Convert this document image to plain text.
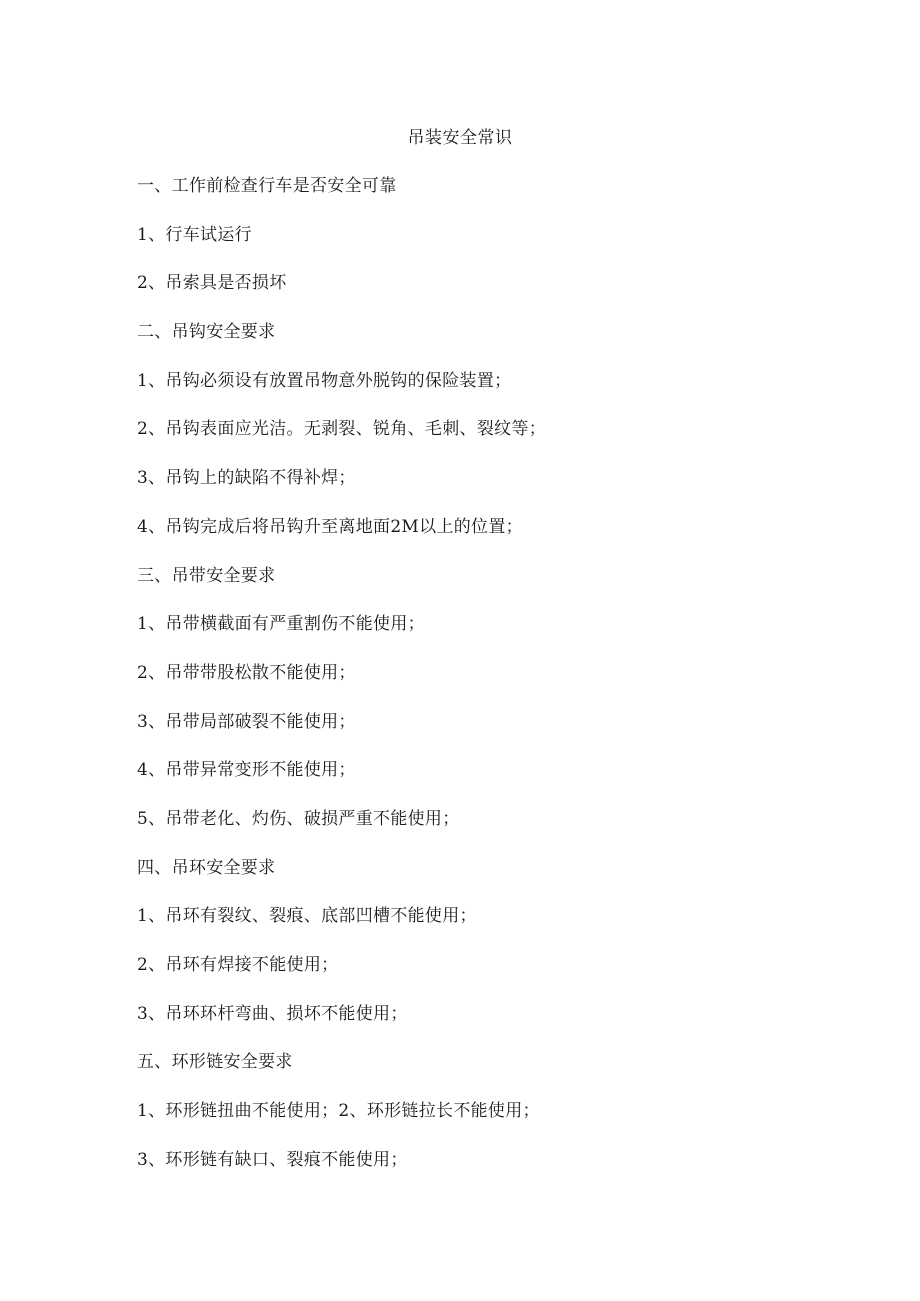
吊装安全常识
一、工作前检查行车是否安全可靠
1、行车试运行
2、吊索具是否损坏
二、吊钩安全要求
1、吊钩必须设有放置吊物意外脱钩的保险装置；
2、吊钩表面应光洁。无剥裂、锐角、毛刺、裂纹等；
3、吊钩上的缺陷不得补焊；
4、吊钩完成后将吊钩升至离地面2M以上的位置；
三、吊带安全要求
1、吊带横截面有严重割伤不能使用；
2、吊带带股松散不能使用；
3、吊带局部破裂不能使用；
4、吊带异常变形不能使用；
5、吊带老化、灼伤、破损严重不能使用；
四、吊环安全要求
1、吊环有裂纹、裂痕、底部凹槽不能使用；
2、吊环有焊接不能使用；
3、吊环环杆弯曲、损坏不能使用；
五、环形链安全要求
1、环形链扭曲不能使用；2、环形链拉长不能使用；
3、环形链有缺口、裂痕不能使用；
